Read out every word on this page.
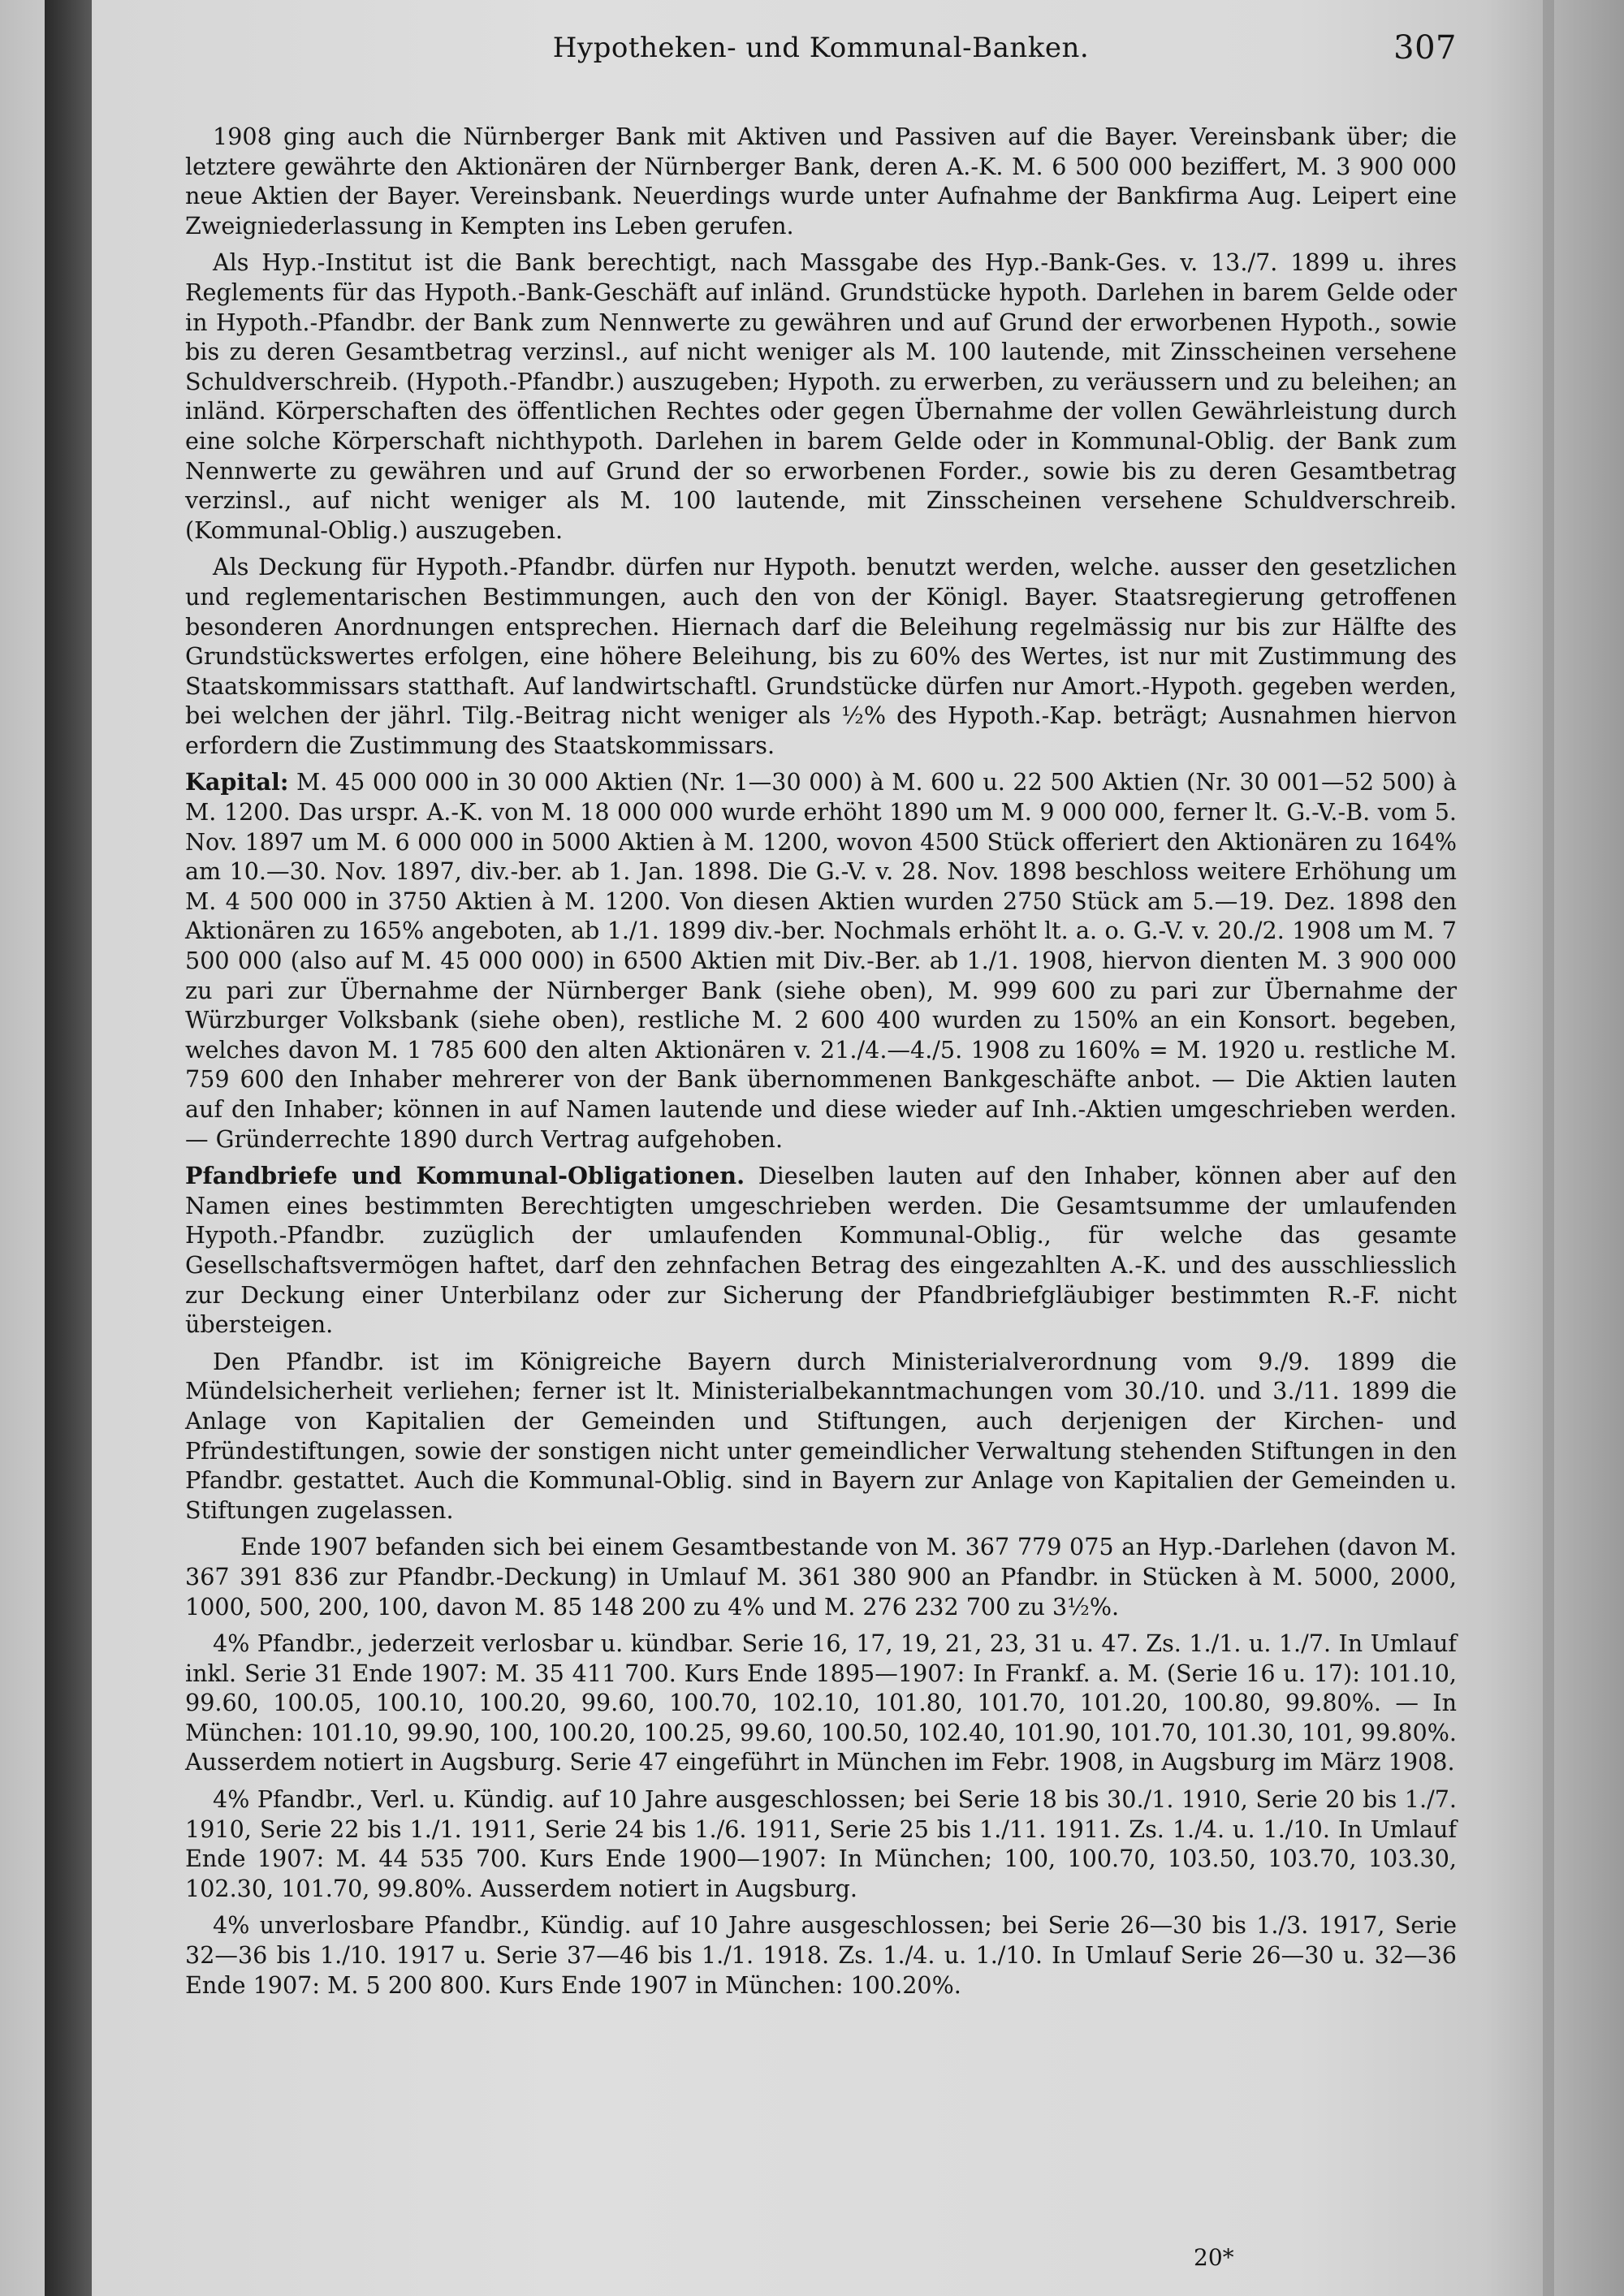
Hypotheken- und Kommunal-Banken.	307

1908 ging auch die Nürnberger Bank mit Aktiven und Passiven auf die Bayer. Vereinsbank über; die letztere gewährte den Aktionären der Nürnberger Bank, deren A.-K. M. 6 500 000 beziffert, M. 3 900 000 neue Aktien der Bayer. Vereinsbank. Neuerdings wurde unter Aufnahme der Bankfirma Aug. Leipert eine Zweigniederlassung in Kempten ins Leben gerufen.

Als Hyp.-Institut ist die Bank berechtigt, nach Massgabe des Hyp.-Bank-Ges. v. 13./7. 1899 u. ihres Reglements für das Hypoth.-Bank-Geschäft auf inländ. Grundstücke hypoth. Darlehen in barem Gelde oder in Hypoth.-Pfandbr. der Bank zum Nennwerte zu gewähren und auf Grund der erworbenen Hypoth., sowie bis zu deren Gesamtbetrag verzinsl., auf nicht weniger als M. 100 lautende, mit Zinsscheinen versehene Schuldverschreib. (Hypoth.-Pfandbr.) auszugeben; Hypoth. zu erwerben, zu veräussern und zu beleihen; an inländ. Körperschaften des öffentlichen Rechtes oder gegen Übernahme der vollen Gewährleistung durch eine solche Körperschaft nichthypoth. Darlehen in barem Gelde oder in Kommunal-Oblig. der Bank zum Nennwerte zu gewähren und auf Grund der so erworbenen Forder., sowie bis zu deren Gesamtbetrag verzinsl., auf nicht weniger als M. 100 lautende, mit Zinsscheinen versehene Schuldverschreib. (Kommunal-Oblig.) auszugeben.

Als Deckung für Hypoth.-Pfandbr. dürfen nur Hypoth. benutzt werden, welche. ausser den gesetzlichen und reglementarischen Bestimmungen, auch den von der Königl. Bayer. Staatsregierung getroffenen besonderen Anordnungen entsprechen. Hiernach darf die Beleihung regelmässig nur bis zur Hälfte des Grundstückswertes erfolgen, eine höhere Beleihung, bis zu 60% des Wertes, ist nur mit Zustimmung des Staatskommissars statthaft. Auf landwirtschaftl. Grundstücke dürfen nur Amort.-Hypoth. gegeben werden, bei welchen der jährl. Tilg.-Beitrag nicht weniger als ½% des Hypoth.-Kap. beträgt; Ausnahmen hiervon erfordern die Zustimmung des Staatskommissars.

Kapital: M. 45 000 000 in 30 000 Aktien (Nr. 1—30 000) à M. 600 u. 22 500 Aktien (Nr. 30 001—52 500) à M. 1200. Das urspr. A.-K. von M. 18 000 000 wurde erhöht 1890 um M. 9 000 000, ferner lt. G.-V.-B. vom 5. Nov. 1897 um M. 6 000 000 in 5000 Aktien à M. 1200, wovon 4500 Stück offeriert den Aktionären zu 164% am 10.—30. Nov. 1897, div.-ber. ab 1. Jan. 1898. Die G.-V. v. 28. Nov. 1898 beschloss weitere Erhöhung um M. 4 500 000 in 3750 Aktien à M. 1200. Von diesen Aktien wurden 2750 Stück am 5.—19. Dez. 1898 den Aktionären zu 165% angeboten, ab 1./1. 1899 div.-ber. Nochmals erhöht lt. a. o. G.-V. v. 20./2. 1908 um M. 7 500 000 (also auf M. 45 000 000) in 6500 Aktien mit Div.-Ber. ab 1./1. 1908, hiervon dienten M. 3 900 000 zu pari zur Übernahme der Nürnberger Bank (siehe oben), M. 999 600 zu pari zur Übernahme der Würzburger Volksbank (siehe oben), restliche M. 2 600 400 wurden zu 150% an ein Konsort. begeben, welches davon M. 1 785 600 den alten Aktionären v. 21./4.—4./5. 1908 zu 160% = M. 1920 u. restliche M. 759 600 den Inhaber mehrerer von der Bank übernommenen Bankgeschäfte anbot. — Die Aktien lauten auf den Inhaber; können in auf Namen lautende und diese wieder auf Inh.-Aktien umgeschrieben werden. — Gründerrechte 1890 durch Vertrag aufgehoben.

Pfandbriefe und Kommunal-Obligationen. Dieselben lauten auf den Inhaber, können aber auf den Namen eines bestimmten Berechtigten umgeschrieben werden. Die Gesamtsumme der umlaufenden Hypoth.-Pfandbr. zuzüglich der umlaufenden Kommunal-Oblig., für welche das gesamte Gesellschaftsvermögen haftet, darf den zehnfachen Betrag des eingezahlten A.-K. und des ausschliesslich zur Deckung einer Unterbilanz oder zur Sicherung der Pfandbriefgläubiger bestimmten R.-F. nicht übersteigen.

Den Pfandbr. ist im Königreiche Bayern durch Ministerialverordnung vom 9./9. 1899 die Mündelsicherheit verliehen; ferner ist lt. Ministerialbekanntmachungen vom 30./10. und 3./11. 1899 die Anlage von Kapitalien der Gemeinden und Stiftungen, auch derjenigen der Kirchen- und Pfründestiftungen, sowie der sonstigen nicht unter gemeindlicher Verwaltung stehenden Stiftungen in den Pfandbr. gestattet. Auch die Kommunal-Oblig. sind in Bayern zur Anlage von Kapitalien der Gemeinden u. Stiftungen zugelassen.

Ende 1907 befanden sich bei einem Gesamtbestande von M. 367 779 075 an Hyp.-Darlehen (davon M. 367 391 836 zur Pfandbr.-Deckung) in Umlauf M. 361 380 900 an Pfandbr. in Stücken à M. 5000, 2000, 1000, 500, 200, 100, davon M. 85 148 200 zu 4% und M. 276 232 700 zu 3½%.

4% Pfandbr., jederzeit verlosbar u. kündbar. Serie 16, 17, 19, 21, 23, 31 u. 47. Zs. 1./1. u. 1./7. In Umlauf inkl. Serie 31 Ende 1907: M. 35 411 700. Kurs Ende 1895—1907: In Frankf. a. M. (Serie 16 u. 17): 101.10, 99.60, 100.05, 100.10, 100.20, 99.60, 100.70, 102.10, 101.80, 101.70, 101.20, 100.80, 99.80%. — In München: 101.10, 99.90, 100, 100.20, 100.25, 99.60, 100.50, 102.40, 101.90, 101.70, 101.30, 101, 99.80%. Ausserdem notiert in Augsburg. Serie 47 eingeführt in München im Febr. 1908, in Augsburg im März 1908.

4% Pfandbr., Verl. u. Kündig. auf 10 Jahre ausgeschlossen; bei Serie 18 bis 30./1. 1910, Serie 20 bis 1./7. 1910, Serie 22 bis 1./1. 1911, Serie 24 bis 1./6. 1911, Serie 25 bis 1./11. 1911. Zs. 1./4. u. 1./10. In Umlauf Ende 1907: M. 44 535 700. Kurs Ende 1900—1907: In München; 100, 100.70, 103.50, 103.70, 103.30, 102.30, 101.70, 99.80%. Ausserdem notiert in Augsburg.

4% unverlosbare Pfandbr., Kündig. auf 10 Jahre ausgeschlossen; bei Serie 26—30 bis 1./3. 1917, Serie 32—36 bis 1./10. 1917 u. Serie 37—46 bis 1./1. 1918. Zs. 1./4. u. 1./10. In Umlauf Serie 26—30 u. 32—36 Ende 1907: M. 5 200 800. Kurs Ende 1907 in München: 100.20%.

20*
